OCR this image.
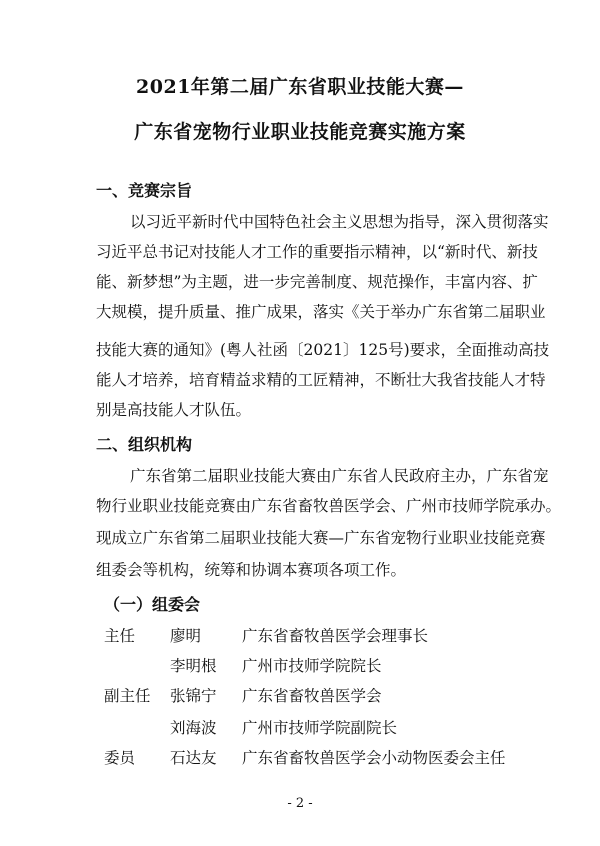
2021年第二届广东省职业技能大赛—
广东省宠物行业职业技能竞赛实施方案
一、竞赛宗旨
以习近平新时代中国特色社会主义思想为指导，深入贯彻落实
习近平总书记对技能人才工作的重要指示精神，以“新时代、新技
能、新梦想”为主题，进一步完善制度、规范操作，丰富内容、扩
大规模，提升质量、推广成果，落实《关于举办广东省第二届职业
技能大赛的通知》(粤人社函〔2021〕125号)要求，全面推动高技
能人才培养，培育精益求精的工匠精神，不断壮大我省技能人才特
别是高技能人才队伍。
二、组织机构
广东省第二届职业技能大赛由广东省人民政府主办，广东省宠
物行业职业技能竞赛由广东省畜牧兽医学会、广州市技师学院承办。
现成立广东省第二届职业技能大赛—广东省宠物行业职业技能竞赛
组委会等机构，统筹和协调本赛项各项工作。
（一）组委会
主任 廖明	广东省畜牧兽医学会理事长
李明根 广州市技师学院院长
副主任 张锦宁 广东省畜牧兽医学会
刘海波 广州市技师学院副院长
委员 石达友 广东省畜牧兽医学会小动物医委会主任
- 2 -
